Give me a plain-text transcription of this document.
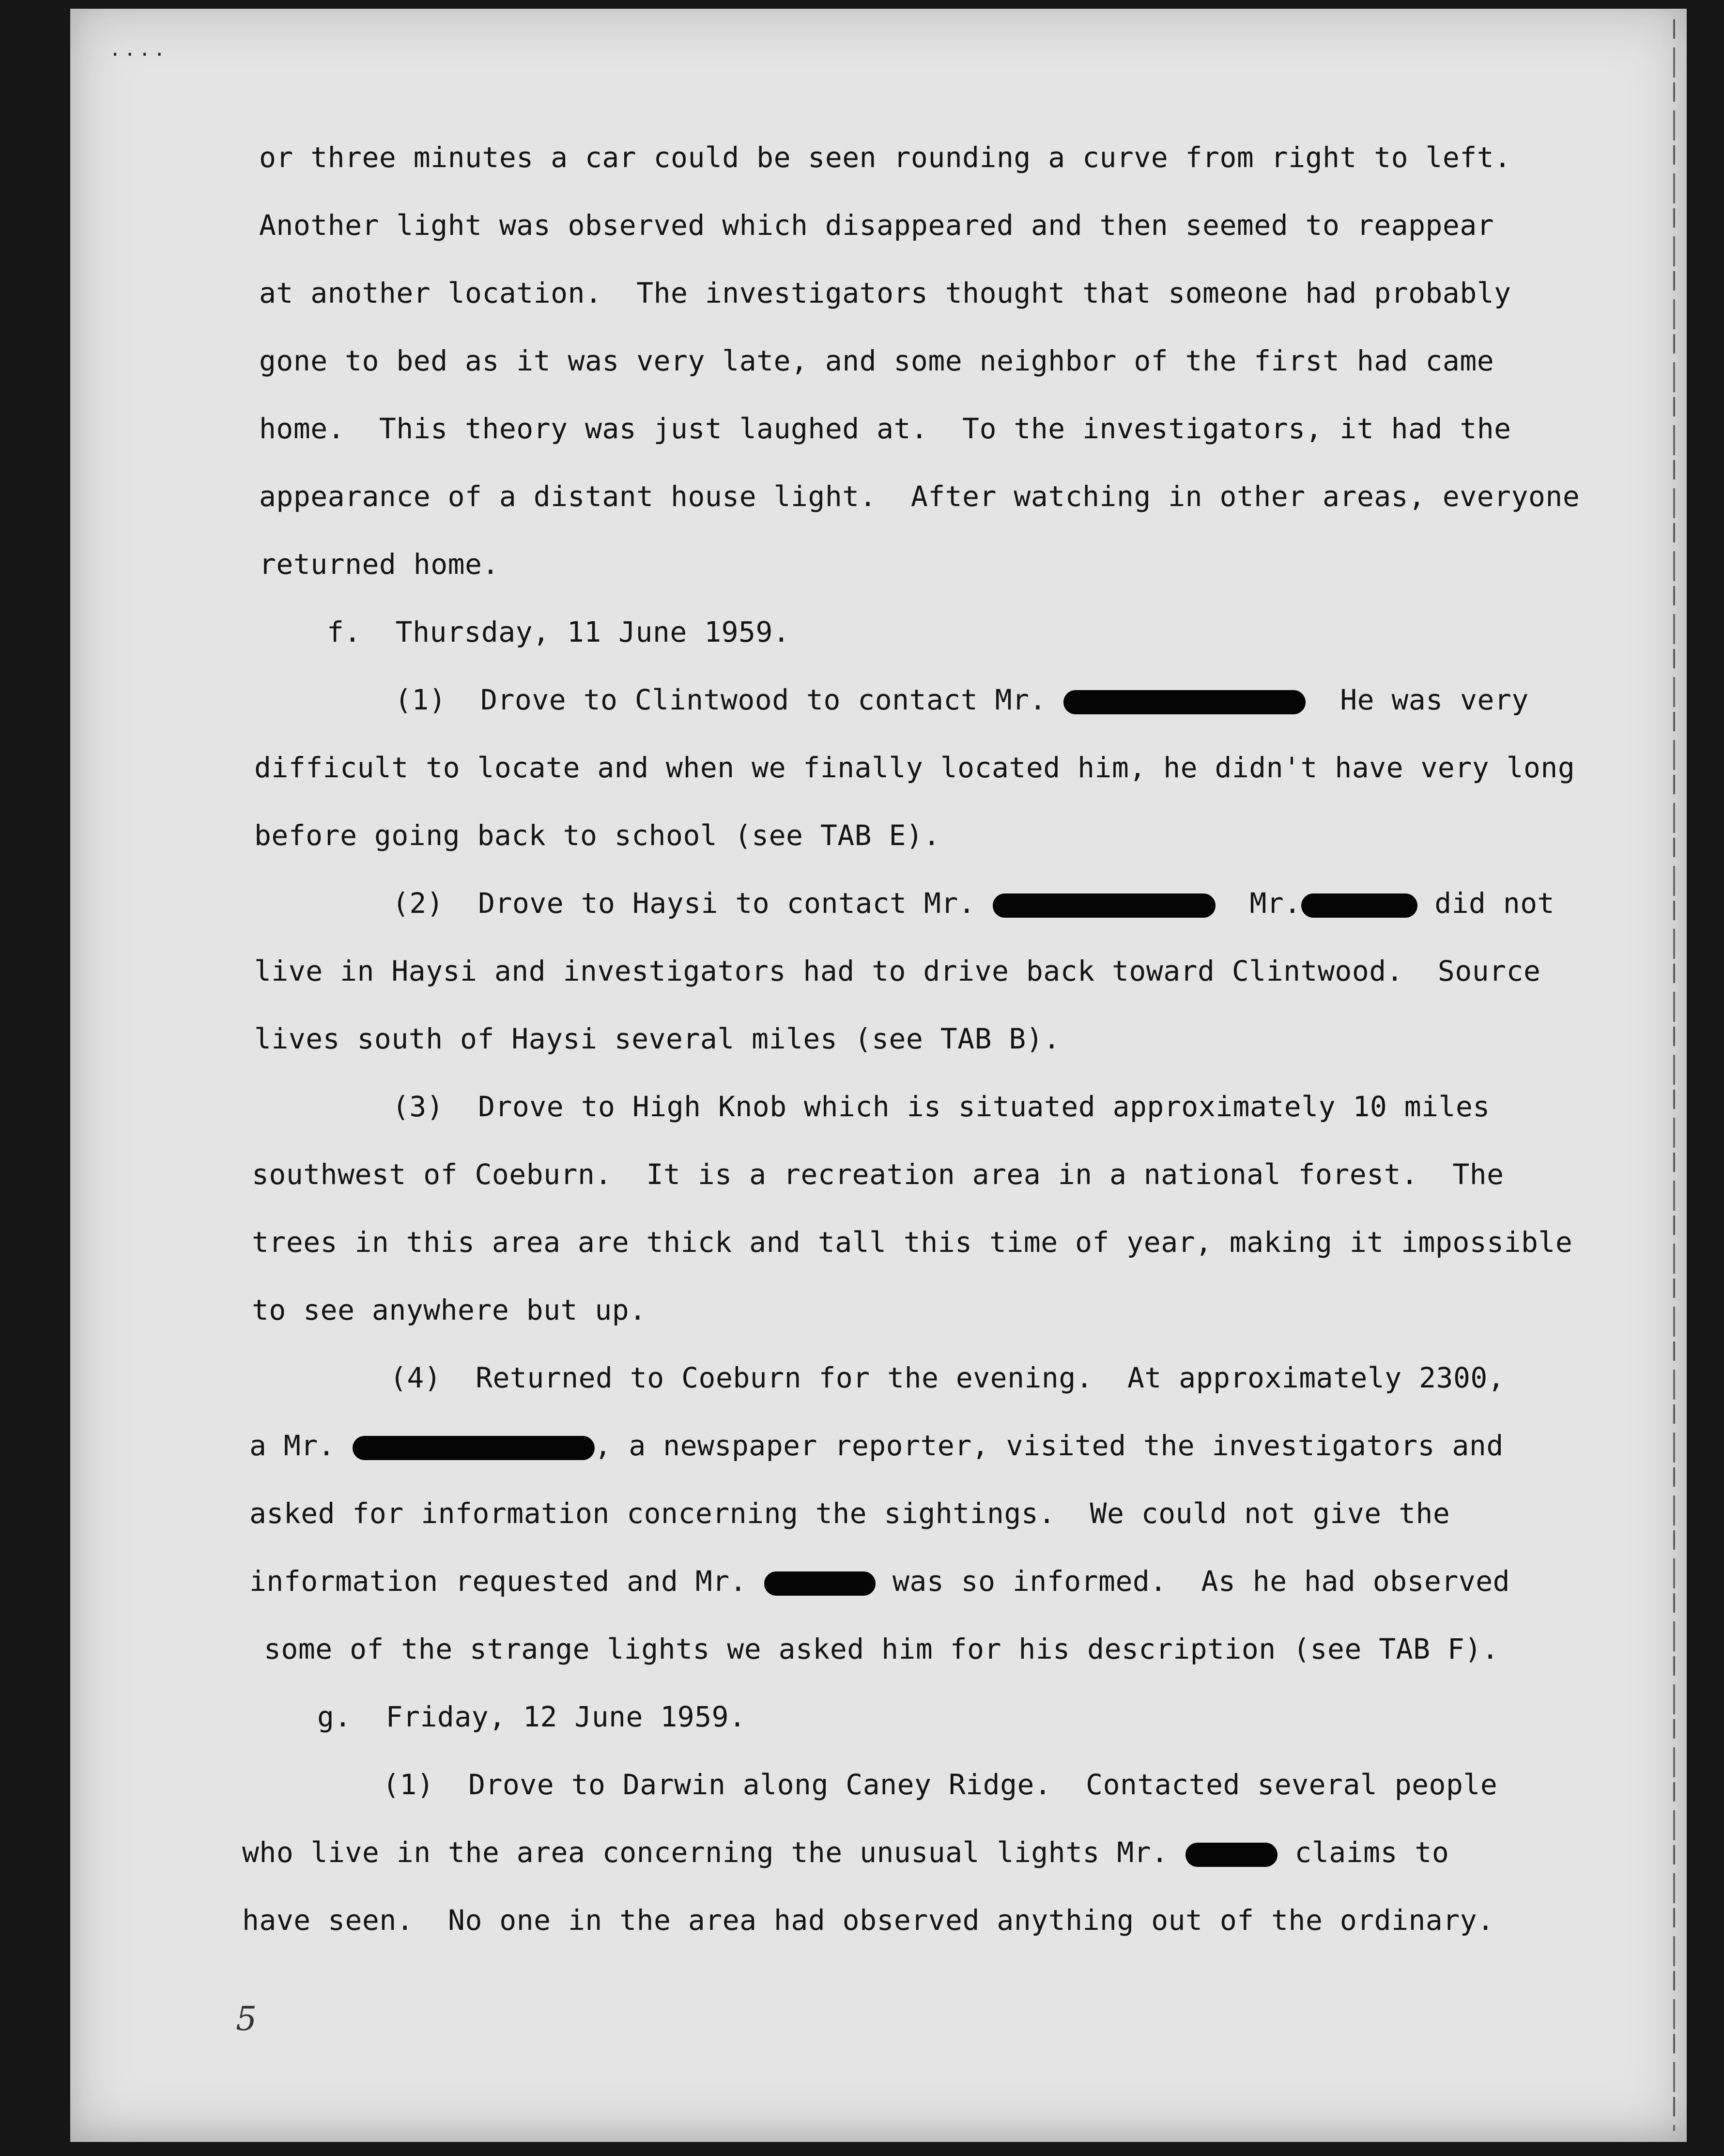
· · · ·
or three minutes a car could be seen rounding a curve from right to left.
Another light was observed which disappeared and then seemed to reappear
at another location.  The investigators thought that someone had probably
gone to bed as it was very late, and some neighbor of the first had came
home.  This theory was just laughed at.  To the investigators, it had the
appearance of a distant house light.  After watching in other areas, everyone
returned home.
f.  Thursday, 11 June 1959.
(1)  Drove to Clintwood to contact Mr.	He was very
difficult to locate and when we finally located him, he didn't have very long
before going back to school (see TAB E).
(2)  Drove to Haysi to contact Mr.	Mr.	did not
live in Haysi and investigators had to drive back toward Clintwood.  Source
lives south of Haysi several miles (see TAB B).
(3)  Drove to High Knob which is situated approximately 10 miles
southwest of Coeburn.  It is a recreation area in a national forest.  The
trees in this area are thick and tall this time of year, making it impossible
to see anywhere but up.
(4)  Returned to Coeburn for the evening.  At approximately 2300,
a Mr.	, a newspaper reporter, visited the investigators and
asked for information concerning the sightings.  We could not give the
information requested and Mr.	was so informed.  As he had observed
some of the strange lights we asked him for his description (see TAB F).
g.  Friday, 12 June 1959.
(1)  Drove to Darwin along Caney Ridge.  Contacted several people
who live in the area concerning the unusual lights Mr.	claims to
have seen.  No one in the area had observed anything out of the ordinary.
5
